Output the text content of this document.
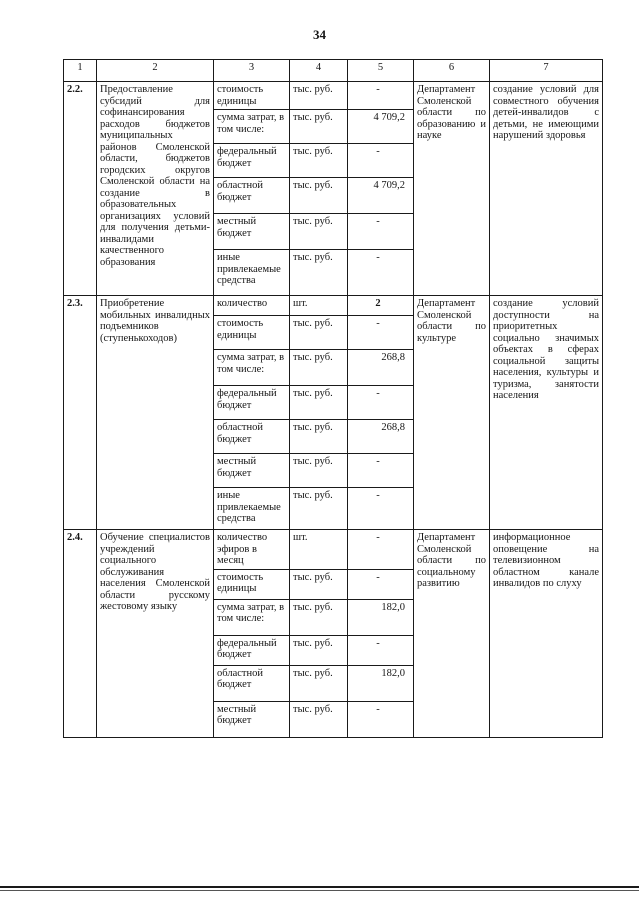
34
1	2	3	4	5	6	7
2.2.	Предоставление субсидий для софинансирования расходов бюджетов муниципальных районов Смоленской области, бюджетов городских округов Смоленской области на создание в образовательных организациях условий для получения детьми-инвалидами качественного образования	стоимость единицы	тыс. руб.	-	Департамент Смоленской области по образованию и науке	создание условий для совместного обучения детей-инвалидов с детьми, не имеющими нарушений здоровья
		сумма затрат, в том числе:	тыс. руб.	4 709,2		
		федеральный бюджет	тыс. руб.	-		
		областной бюджет	тыс. руб.	4 709,2		
		местный бюджет	тыс. руб.	-		
		иные привлекаемые средства	тыс. руб.	-		
2.3.	Приобретение мобильных инвалидных подъемников (ступенькоходов)	количество	шт.	2	Департамент Смоленской области по культуре	создание условий доступности на приоритетных социально значимых объектах в сферах социальной защиты населения, культуры и туризма, занятости населения
		стоимость единицы	тыс. руб.	-		
		сумма затрат, в том числе:	тыс. руб.	268,8		
		федеральный бюджет	тыс. руб.	-		
		областной бюджет	тыс. руб.	268,8		
		местный бюджет	тыс. руб.	-		
		иные привлекаемые средства	тыс. руб.	-		
2.4.	Обучение специалистов учреждений социального обслуживания населения Смоленской области русскому жестовому языку	количество эфиров в месяц	шт.	-	Департамент Смоленской области по социальному развитию	информационное оповещение на телевизионном областном канале инвалидов по слуху
		стоимость единицы	тыс. руб.	-		
		сумма затрат, в том числе:	тыс. руб.	182,0		
		федеральный бюджет	тыс. руб.	-		
		областной бюджет	тыс. руб.	182,0		
		местный бюджет	тыс. руб.	-		
